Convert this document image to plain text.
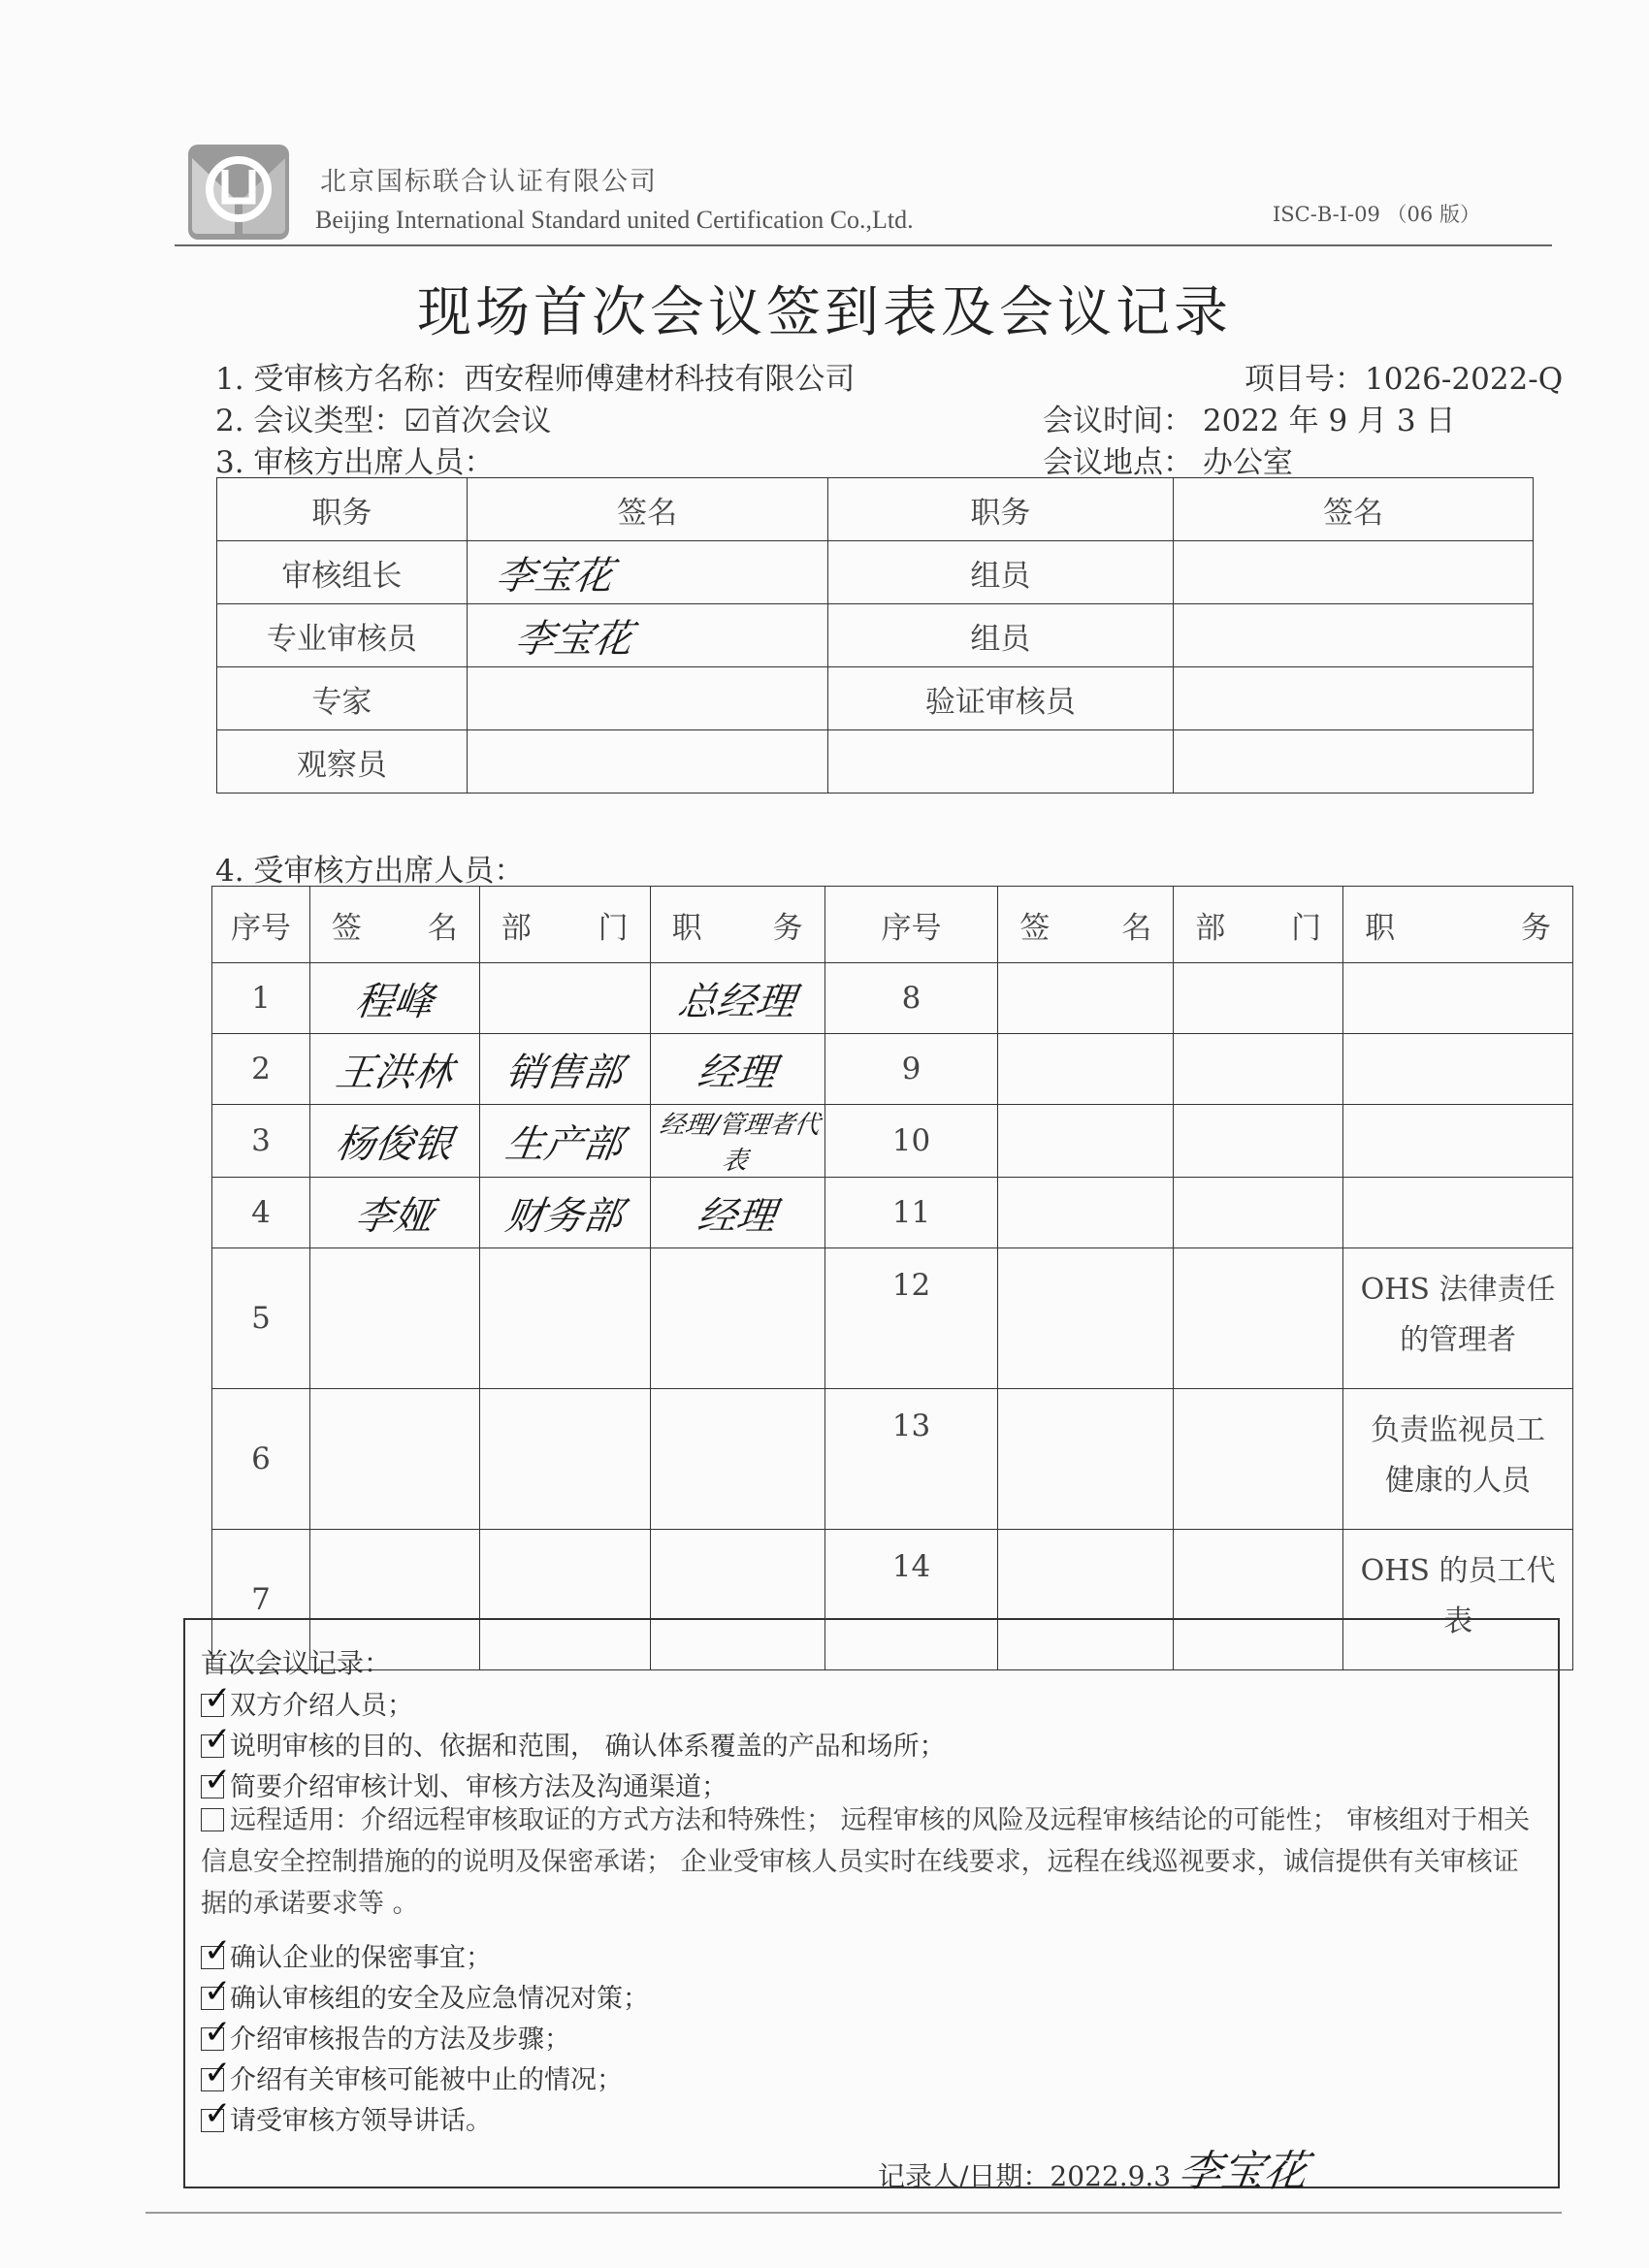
北京国标联合认证有限公司
Beijing International Standard united Certification Co.,Ltd.	ISC-B-I-09 （06 版）
现场首次会议签到表及会议记录
1. 受审核方名称：西安程师傅建材科技有限公司	项目号：1026-2022-Q
2. 会议类型：☑首次会议	会议时间： 2022 年 9 月 3 日
3. 审核方出席人员：	会议地点： 办公室
职务	签名	职务	签名
审核组长	李宝花	组员	
专业审核员	李宝花	组员	
专家		验证审核员	
观察员			
4. 受审核方出席人员：
序号	签 名	部 门	职 务	序号	签 名	部 门	职 务

1	程峰		总经理	8			
2	王洪林	销售部	经理	9			
3	杨俊银	生产部	经理/管理者代表	10			
4	李娅	财务部	经理	11			
5				12			OHS 法律责任
的管理者

6				13			负责监视员工
健康的人员

7				14			OHS 的员工代
表
首次会议记录：
✓双方介绍人员；
✓说明审核的目的、依据和范围， 确认体系覆盖的产品和场所；
✓简要介绍审核计划、审核方法及沟通渠道；
远程适用：介绍远程审核取证的方式方法和特殊性； 远程审核的风险及远程审核结论的可能性； 审核组对于相关信息安全控制措施的的说明及保密承诺； 企业受审核人员实时在线要求，远程在线巡视要求，诚信提供有关审核证据的承诺要求等 。
✓确认企业的保密事宜；
✓确认审核组的安全及应急情况对策；
✓介绍审核报告的方法及步骤；
✓介绍有关审核可能被中止的情况；
✓请受审核方领导讲话。
记录人/日期：2022.9.3 李宝花
